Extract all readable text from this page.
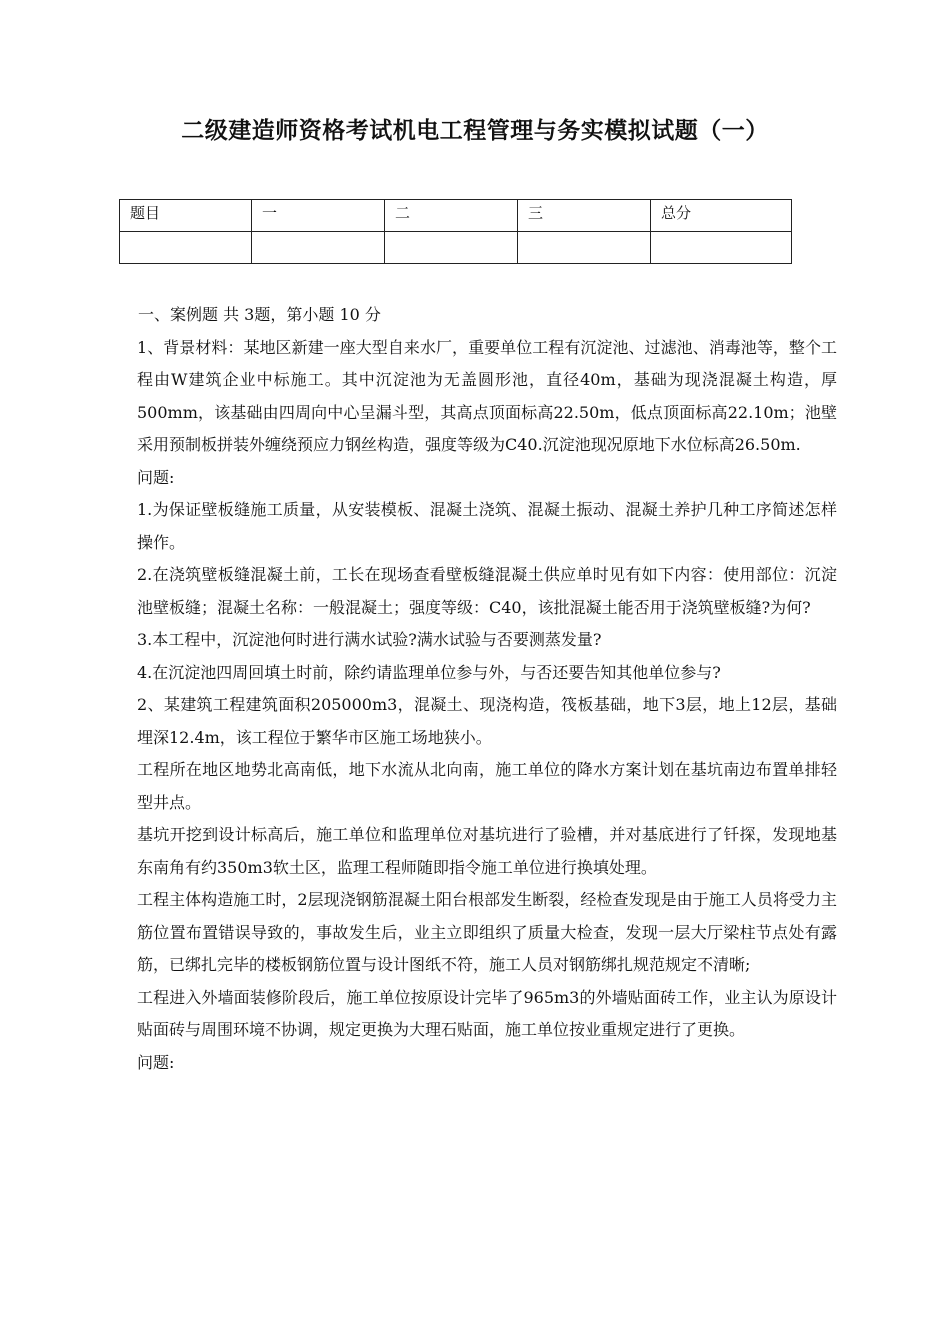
二级建造师资格考试机电工程管理与务实模拟试题（一）
题目	一	二	三	总分

一、案例题 共 3题，第小题 10 分

1、背景材料：某地区新建一座大型自来水厂，重要单位工程有沉淀池、过滤池、消毒池等，整个工程由W建筑企业中标施工。其中沉淀池为无盖圆形池，直径40m，基础为现浇混凝土构造，厚500mm，该基础由四周向中心呈漏斗型，其高点顶面标高22.50m，低点顶面标高22.10m；池壁采用预制板拼装外缠绕预应力钢丝构造，强度等级为C40.沉淀池现况原地下水位标高26.50m.

问题:

1.为保证壁板缝施工质量，从安装模板、混凝土浇筑、混凝土振动、混凝土养护几种工序简述怎样操作。

2.在浇筑壁板缝混凝土前，工长在现场查看壁板缝混凝土供应单时见有如下内容：使用部位：沉淀池壁板缝；混凝土名称：一般混凝土；强度等级：C40，该批混凝土能否用于浇筑壁板缝?为何?

3.本工程中，沉淀池何时进行满水试验?满水试验与否要测蒸发量?

4.在沉淀池四周回填土时前，除约请监理单位参与外，与否还要告知其他单位参与?

2、某建筑工程建筑面积205000m3，混凝土、现浇构造，筏板基础，地下3层，地上12层，基础埋深12.4m，该工程位于繁华市区施工场地狭小。

工程所在地区地势北高南低，地下水流从北向南，施工单位的降水方案计划在基坑南边布置单排轻型井点。

基坑开挖到设计标高后，施工单位和监理单位对基坑进行了验槽，并对基底进行了钎探，发现地基东南角有约350m3软土区，监理工程师随即指令施工单位进行换填处理。

工程主体构造施工时，2层现浇钢筋混凝土阳台根部发生断裂，经检查发现是由于施工人员将受力主筋位置布置错误导致的，事故发生后，业主立即组织了质量大检查，发现一层大厅梁柱节点处有露筋，已绑扎完毕的楼板钢筋位置与设计图纸不符，施工人员对钢筋绑扎规范规定不清晰;

工程进入外墙面装修阶段后，施工单位按原设计完毕了965m3的外墙贴面砖工作，业主认为原设计贴面砖与周围环境不协调，规定更换为大理石贴面，施工单位按业重规定进行了更换。

问题:
